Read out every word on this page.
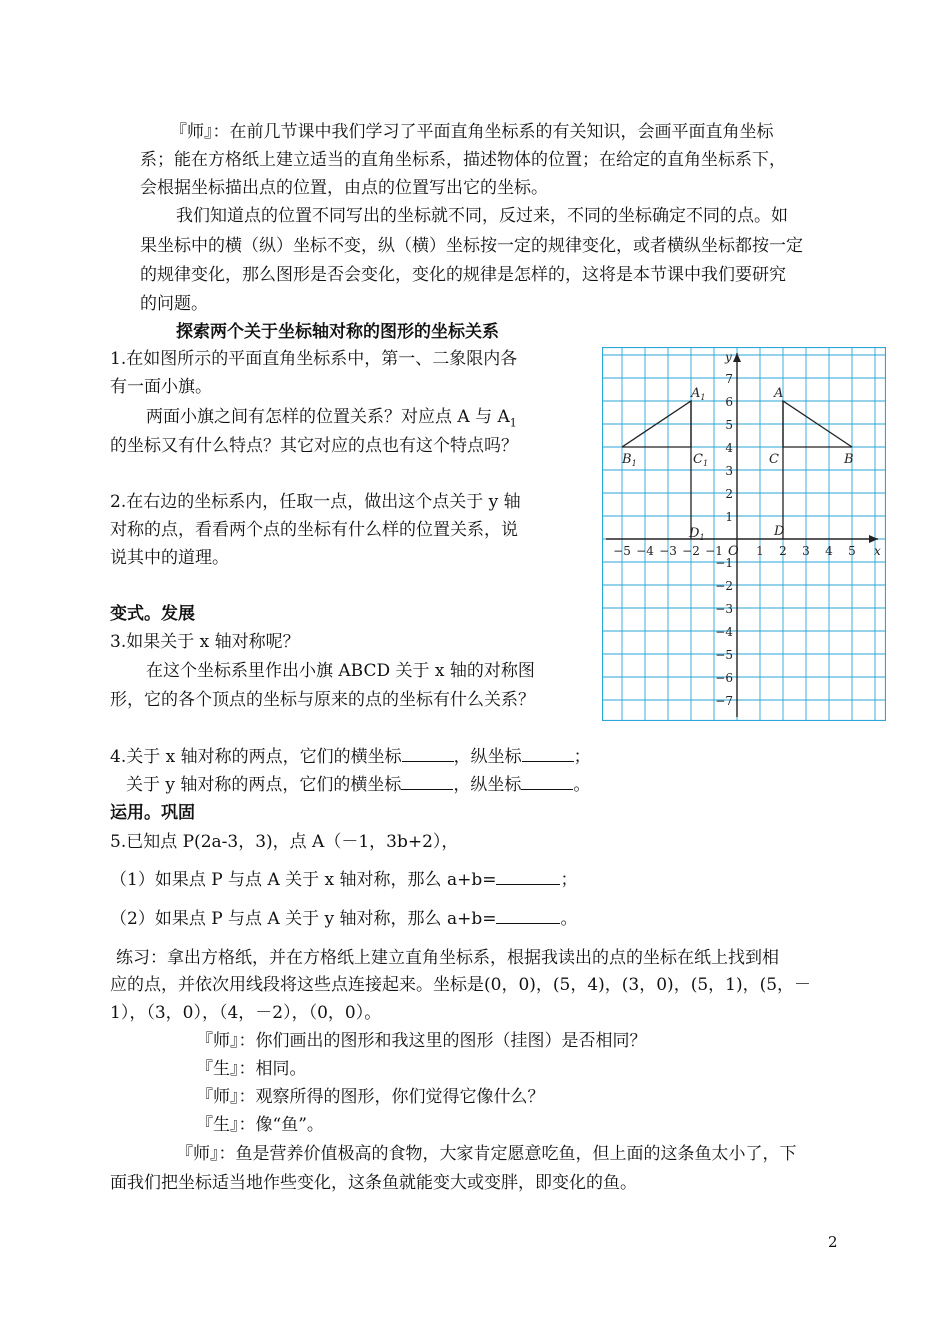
『师』：在前几节课中我们学习了平面直角坐标系的有关知识，会画平面直角坐标
系；能在方格纸上建立适当的直角坐标系，描述物体的位置；在给定的直角坐标系下，
会根据坐标描出点的位置，由点的位置写出它的坐标。
我们知道点的位置不同写出的坐标就不同，反过来，不同的坐标确定不同的点。如
果坐标中的横（纵）坐标不变，纵（横）坐标按一定的规律变化，或者横纵坐标都按一定
的规律变化，那么图形是否会变化，变化的规律是怎样的，这将是本节课中我们要研究
的问题。
探索两个关于坐标轴对称的图形的坐标关系
1.在如图所示的平面直角坐标系中，第一、二象限内各
有一面小旗。
两面小旗之间有怎样的位置关系？对应点 A 与 $A_1$
的坐标又有什么特点？其它对应的点也有这个特点吗？
2.在右边的坐标系内，任取一点，做出这个点关于 y 轴
对称的点，看看两个点的坐标有什么样的位置关系，说
说其中的道理。
变式。发展
3.如果关于 x 轴对称呢？
在这个坐标系里作出小旗 ABCD 关于 x 轴的对称图
形，它的各个顶点的坐标与原来的点的坐标有什么关系？
4.关于 x 轴对称的两点，它们的横坐标	，纵坐标	；
关于 y 轴对称的两点，它们的横坐标	，纵坐标	。
运用。巩固
5.已知点 P(2a-3，3)，点 A（－1，3b+2），
（1）如果点 P 与点 A 关于 x 轴对称，那么 a+b=	；
（2）如果点 P 与点 A 关于 y 轴对称，那么 a+b=	。
练习：拿出方格纸，并在方格纸上建立直角坐标系，根据我读出的点的坐标在纸上找到相
应的点，并依次用线段将这些点连接起来。坐标是(0，0)，(5，4)，(3，0)，(5，1)，(5，－
1），（3，0），（4，－2），（0，0）。
『师』：你们画出的图形和我这里的图形（挂图）是否相同？
『生』：相同。
『师』：观察所得的图形，你们觉得它像什么？
『生』：像“鱼”。
『师』：鱼是营养价值极高的食物，大家肯定愿意吃鱼，但上面的这条鱼太小了，下
面我们把坐标适当地作些变化，这条鱼就能变大或变胖，即变化的鱼。
2
x
y
O
−5 −4 −3 −2 −1	1 2 3 4 5
7
6
5
4
3
2
1
−1
−2
−3
−4
−5
−6
−7
A
B
C
D
$A_1$
$B_1$	$C_1$
$D_1$
